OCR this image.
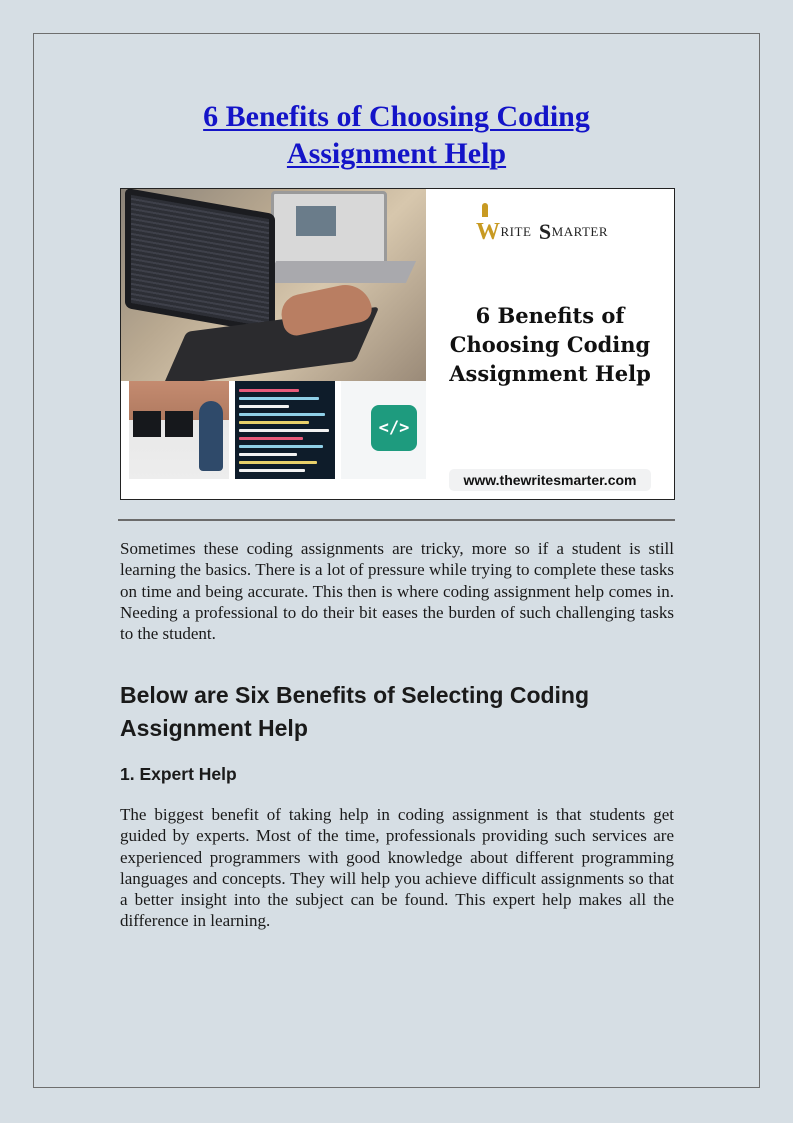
6 Benefits of Choosing Coding
Assignment Help
</>
WRITE SMARTER

6 Benefits of
Choosing Coding
Assignment Help

www.thewritesmarter.com

Sometimes these coding assignments are tricky, more so if a student is still learning the basics. There is a lot of pressure while trying to complete these tasks on time and being accurate. This then is where coding assignment help comes in. Needing a professional to do their bit eases the burden of such challenging tasks to the student.

Below are Six Benefits of Selecting Coding Assignment Help
1. Expert Help

The biggest benefit of taking help in coding assignment is that students get guided by experts. Most of the time, professionals providing such services are experienced programmers with good knowledge about different programming languages and concepts. They will help you achieve difficult assignments so that a better insight into the subject can be found. This expert help makes all the difference in learning.
